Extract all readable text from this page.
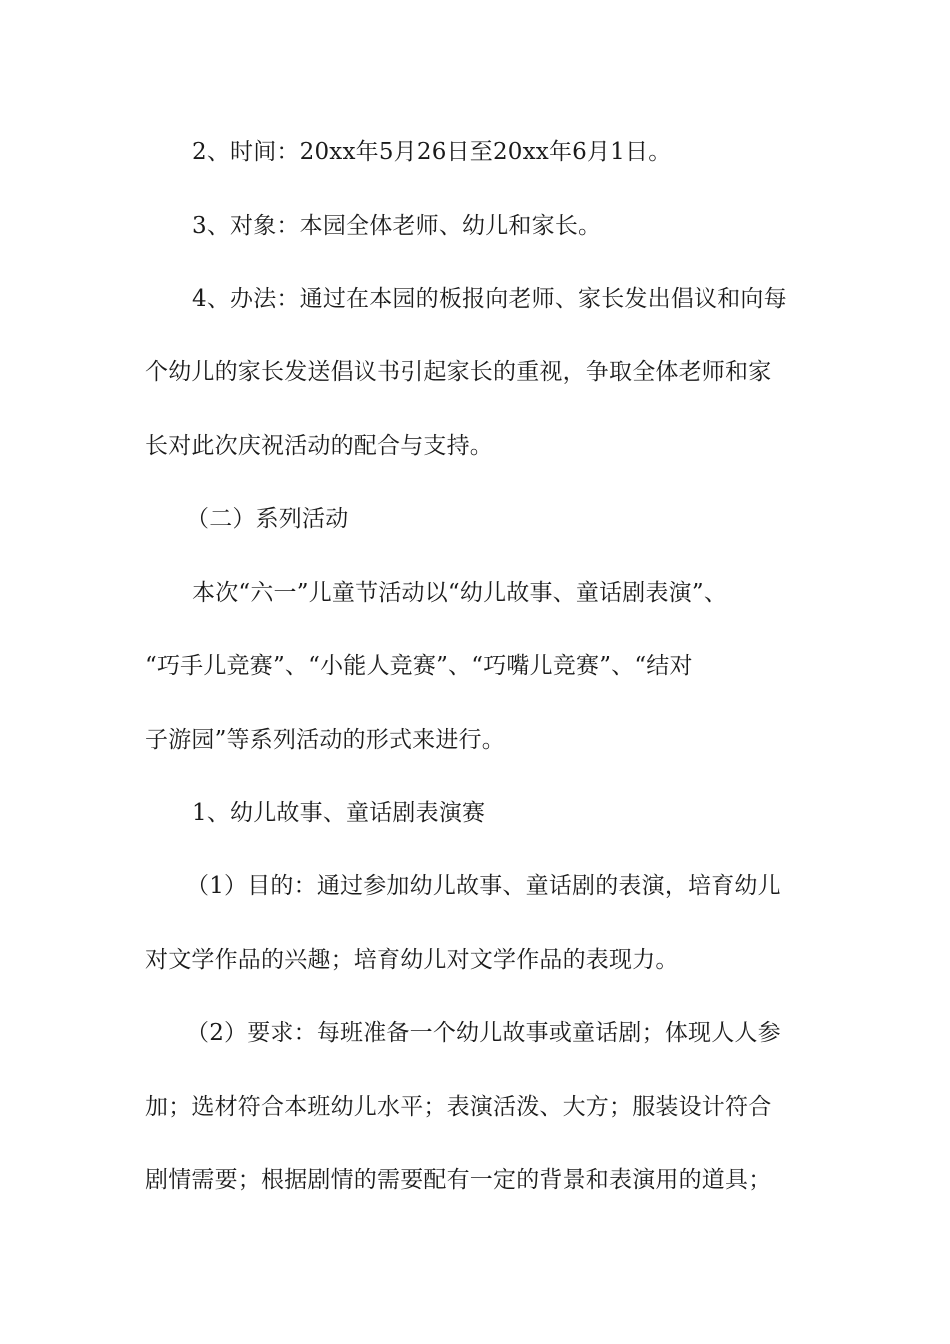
2、时间：20xx年5月26日至20xx年6月1日。
3、对象：本园全体老师、幼儿和家长。
4、办法：通过在本园的板报向老师、家长发出倡议和向每
个幼儿的家长发送倡议书引起家长的重视，争取全体老师和家
长对此次庆祝活动的配合与支持。
（二）系列活动
本次“六一”儿童节活动以“幼儿故事、童话剧表演”、
“巧手儿竞赛”、“小能人竞赛”、“巧嘴儿竞赛”、“结对
子游园”等系列活动的形式来进行。
1、幼儿故事、童话剧表演赛
（1）目的：通过参加幼儿故事、童话剧的表演，培育幼儿
对文学作品的兴趣；培育幼儿对文学作品的表现力。
（2）要求：每班准备一个幼儿故事或童话剧；体现人人参
加；选材符合本班幼儿水平；表演活泼、大方；服装设计符合
剧情需要；根据剧情的需要配有一定的背景和表演用的道具；
